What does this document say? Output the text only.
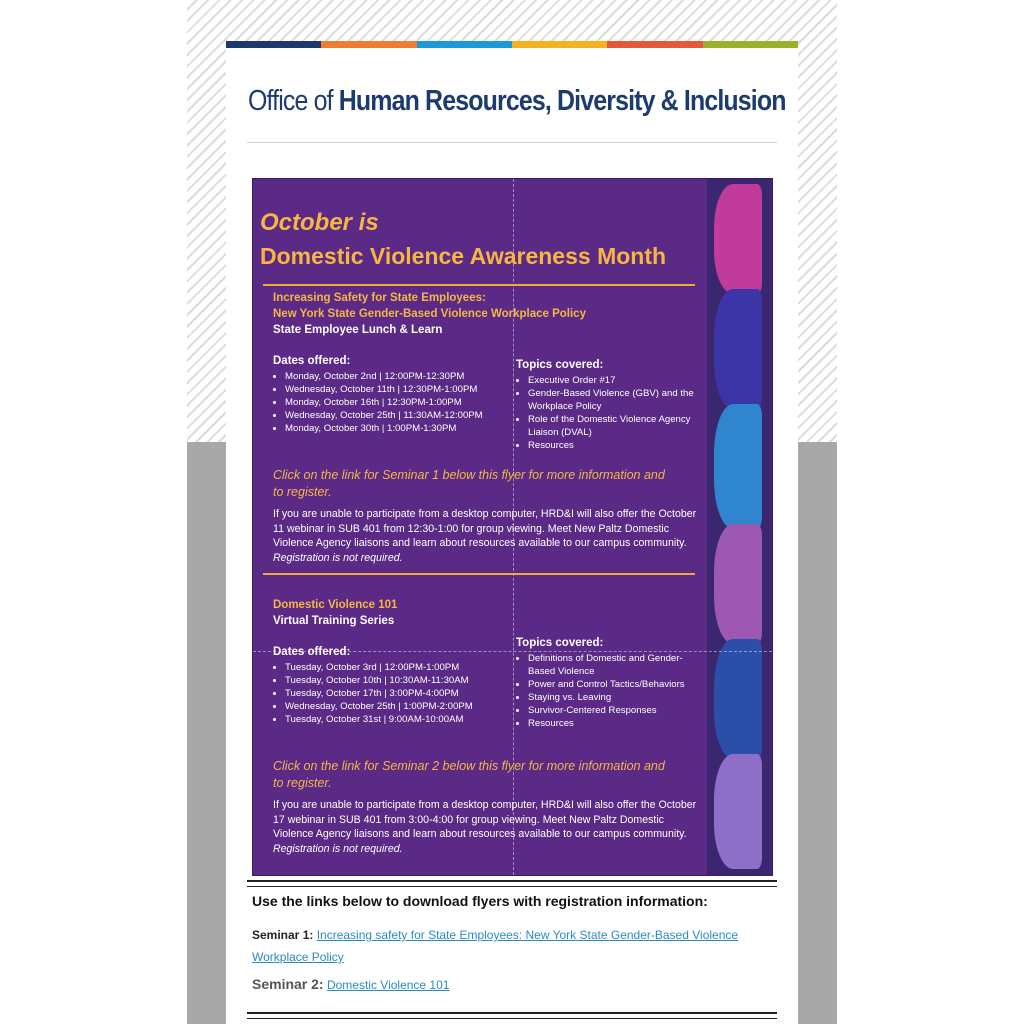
Office of Human Resources, Diversity & Inclusion
October is
Domestic Violence Awareness Month
Increasing Safety for State Employees:
New York State Gender-Based Violence Workplace Policy
State Employee Lunch & Learn
Dates offered:
• Monday, October 2nd | 12:00PM-12:30PM
• Wednesday, October 11th | 12:30PM-1:00PM
• Monday, October 16th | 12:30PM-1:00PM
• Wednesday, October 25th | 11:30AM-12:00PM
• Monday, October 30th | 1:00PM-1:30PM
Topics covered:
• Executive Order #17
• Gender-Based Violence (GBV) and the Workplace Policy
• Role of the Domestic Violence Agency Liaison (DVAL)
• Resources
Click on the link for Seminar 1 below this flyer for more information and to register.
If you are unable to participate from a desktop computer, HRD&I will also offer the October 11 webinar in SUB 401 from 12:30-1:00 for group viewing. Meet New Paltz Domestic Violence Agency liaisons and learn about resources available to our campus community. Registration is not required.
Domestic Violence 101
Virtual Training Series
Dates offered:
• Tuesday, October 3rd | 12:00PM-1:00PM
• Tuesday, October 10th | 10:30AM-11:30AM
• Tuesday, October 17th | 3:00PM-4:00PM
• Wednesday, October 25th | 1:00PM-2:00PM
• Tuesday, October 31st | 9:00AM-10:00AM
Topics covered:
• Definitions of Domestic and Gender-Based Violence
• Power and Control Tactics/Behaviors
• Staying vs. Leaving
• Survivor-Centered Responses
• Resources
Click on the link for Seminar 2 below this flyer for more information and to register.
If you are unable to participate from a desktop computer, HRD&I will also offer the October 17 webinar in SUB 401 from 3:00-4:00 for group viewing. Meet New Paltz Domestic Violence Agency liaisons and learn about resources available to our campus community. Registration is not required.
Use the links below to download flyers with registration information:
Seminar 1: Increasing safety for State Employees: New York State Gender-Based Violence Workplace Policy
Seminar 2: Domestic Violence 101
